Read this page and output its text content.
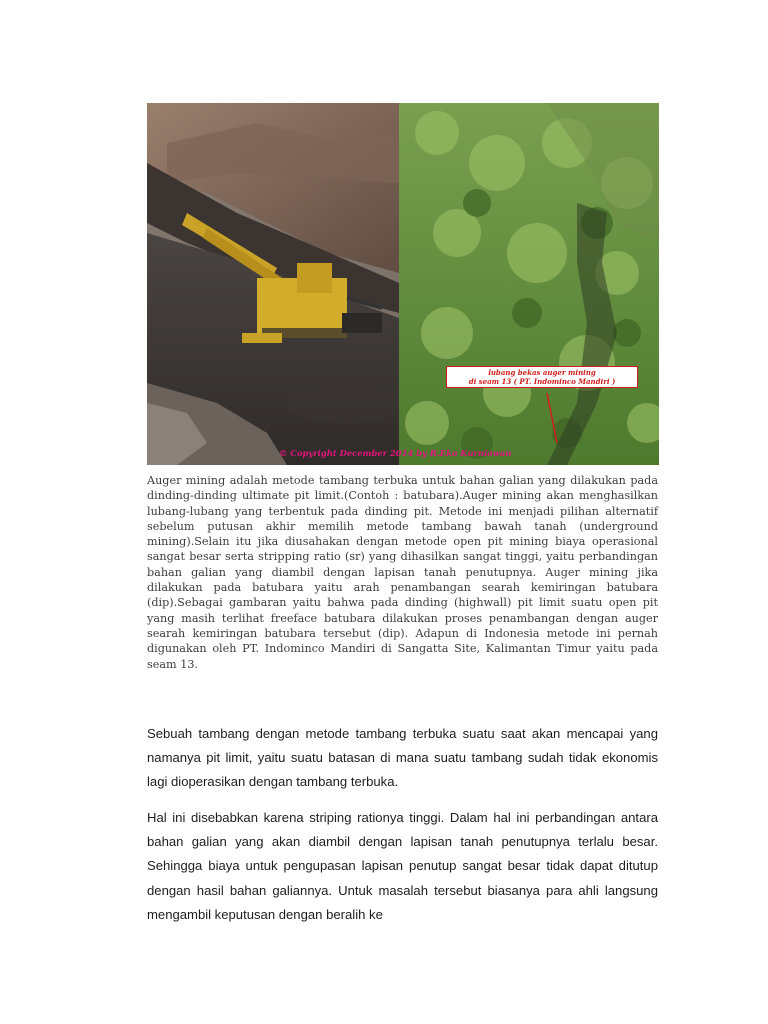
lubang bekas auger mining
di seam 13 ( PT. Indominco Mandiri )
© Copyright December 2014 by R.Eko Kurniawan

Auger mining adalah metode tambang terbuka untuk bahan galian yang dilakukan pada dinding-dinding ultimate pit limit.(Contoh : batubara).Auger mining akan menghasilkan lubang-lubang yang terbentuk pada dinding pit. Metode ini menjadi pilihan alternatif sebelum putusan akhir memilih metode tambang bawah tanah (underground mining).Selain itu jika diusahakan dengan metode open pit mining biaya operasional sangat besar serta stripping ratio (sr) yang dihasilkan sangat tinggi, yaitu perbandingan bahan galian yang diambil dengan lapisan tanah penutupnya. Auger mining jika dilakukan pada batubara yaitu arah penambangan searah kemiringan batubara (dip).Sebagai gambaran yaitu bahwa pada dinding (highwall) pit limit suatu open pit yang masih terlihat freeface batubara dilakukan proses penambangan dengan auger searah kemiringan batubara tersebut (dip). Adapun di Indonesia metode ini pernah digunakan oleh PT. Indominco Mandiri di Sangatta Site, Kalimantan Timur yaitu pada seam 13.

Sebuah tambang dengan metode tambang terbuka suatu saat akan mencapai yang namanya pit limit, yaitu suatu batasan di mana suatu tambang sudah tidak ekonomis lagi dioperasikan dengan tambang terbuka.

Hal ini disebabkan karena striping rationya tinggi. Dalam hal ini perbandingan antara bahan galian yang akan diambil dengan lapisan tanah penutupnya terlalu besar. Sehingga biaya untuk pengupasan lapisan penutup sangat besar tidak dapat ditutup dengan hasil bahan galiannya. Untuk masalah tersebut biasanya para ahli langsung mengambil keputusan dengan beralih ke
